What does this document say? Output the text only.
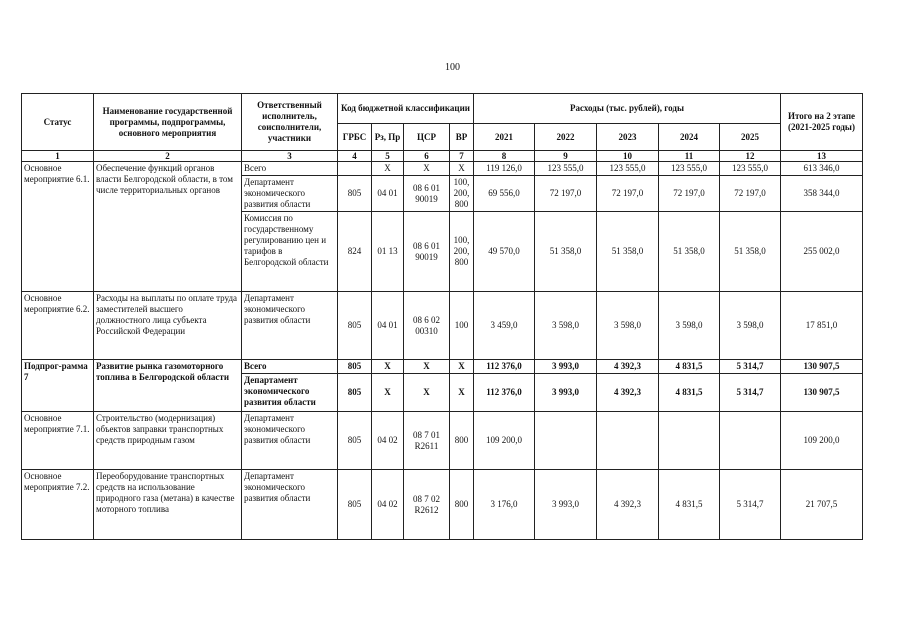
100
Статус	Наименование государственной программы, подпрограммы, основного мероприятия	Ответственный исполнитель, соисполнители, участники	Код бюджетной классификации				Расходы (тыс. рублей), годы					Итого на 2 этапе (2021-2025 годы)
			ГРБС	Рз, Пр	ЦСР	ВР	2021	2022	2023	2024	2025	
1	2	3	4	5	6	7	8	9	10	11	12	13
Основное мероприятие 6.1.	Обеспечение функций органов власти Белгородской области, в том числе территориальных органов	Всего		X	X	X	119 126,0	123 555,0	123 555,0	123 555,0	123 555,0	613 346,0
		Департамент экономического развития области	805	04 01	08 6 01 90019	100, 200, 800	69 556,0	72 197,0	72 197,0	72 197,0	72 197,0	358 344,0
		Комиссия по государственному регулированию цен и тарифов в Белгородской области	824	01 13	08 6 01 90019	100, 200, 800	49 570,0	51 358,0	51 358,0	51 358,0	51 358,0	255 002,0
Основное мероприятие 6.2.	Расходы на выплаты по оплате труда заместителей высшего должностного лица субъекта Российской Федерации	Департамент экономического развития области	805	04 01	08 6 02 00310	100	3 459,0	3 598,0	3 598,0	3 598,0	3 598,0	17 851,0
Подпрог-рамма 7	Развитие рынка газомоторного топлива в Белгородской области	Всего	805	X	X	X	112 376,0	3 993,0	4 392,3	4 831,5	5 314,7	130 907,5
		Департамент экономического развития области	805	X	X	X	112 376,0	3 993,0	4 392,3	4 831,5	5 314,7	130 907,5
Основное мероприятие 7.1.	Строительство (модернизация) объектов заправки транспортных средств природным газом	Департамент экономического развития области	805	04 02	08 7 01 R2611	800	109 200,0					109 200,0
Основное мероприятие 7.2.	Переоборудование транспортных средств на использование природного газа (метана) в качестве моторного топлива	Департамент экономического развития области	805	04 02	08 7 02 R2612	800	3 176,0	3 993,0	4 392,3	4 831,5	5 314,7	21 707,5
